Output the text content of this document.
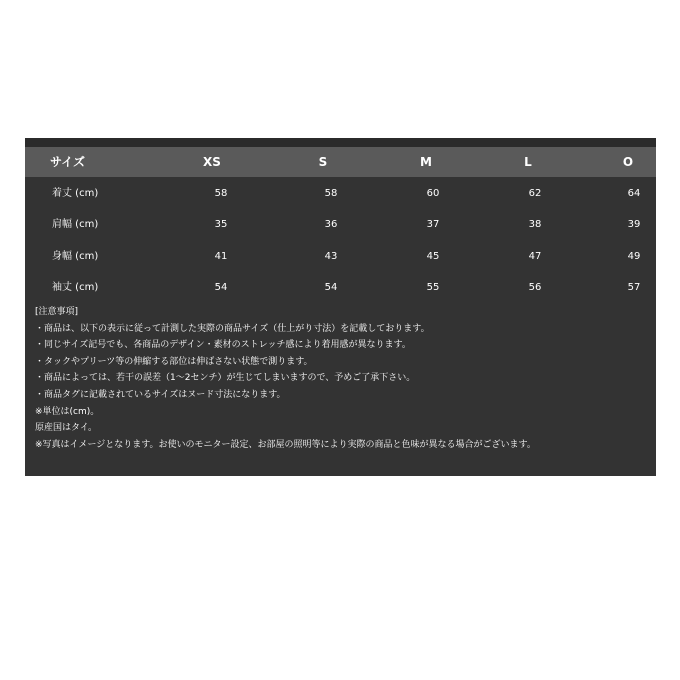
サイズ	XS	S	M	L	O
着丈 (cm)	58	58	60	62	64
肩幅 (cm)	35	36	37	38	39
身幅 (cm)	41	43	45	47	49
袖丈 (cm)	54	54	55	56	57
[注意事項]
・商品は、以下の表示に従って計測した実際の商品サイズ（仕上がり寸法）を記載しております。
・同じサイズ記号でも、各商品のデザイン・素材のストレッチ感により着用感が異なります。
・タックやプリーツ等の伸縮する部位は伸ばさない状態で測ります。
・商品によっては、若干の誤差（1〜2センチ）が生じてしまいますので、予めご了承下さい。
・商品タグに記載されているサイズはヌード寸法になります。
※単位は(cm)。
原産国はタイ。
※写真はイメージとなります。お使いのモニター設定、お部屋の照明等により実際の商品と色味が異なる場合がございます。
